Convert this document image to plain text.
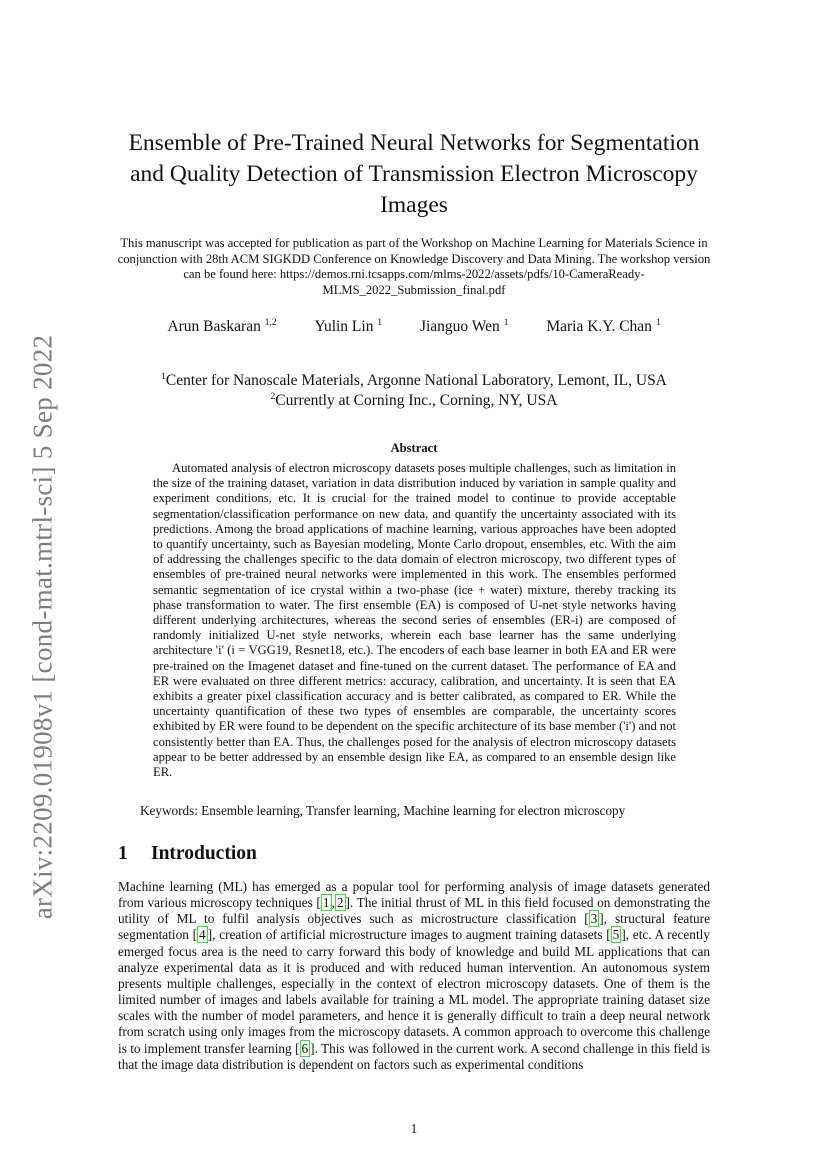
arXiv:2209.01908v1 [cond-mat.mtrl-sci] 5 Sep 2022
Ensemble of Pre-Trained Neural Networks for Segmentation and Quality Detection of Transmission Electron Microscopy Images
This manuscript was accepted for publication as part of the Workshop on Machine Learning for Materials Science in conjunction with 28th ACM SIGKDD Conference on Knowledge Discovery and Data Mining. The workshop version can be found here: https://demos.rni.tcsapps.com/mlms-2022/assets/pdfs/10-CameraReady-MLMS_2022_Submission_final.pdf
Arun Baskaran $^{1,2}$ Yulin Lin $^1$ Jianguo Wen $^1$ Maria K.Y. Chan $^1$
$^1$Center for Nanoscale Materials, Argonne National Laboratory, Lemont, IL, USA
$^2$Currently at Corning Inc., Corning, NY, USA
Abstract
Automated analysis of electron microscopy datasets poses multiple challenges, such as limitation in the size of the training dataset, variation in data distribution induced by variation in sample quality and experiment conditions, etc. It is crucial for the trained model to continue to provide acceptable segmentation/classification performance on new data, and quantify the uncertainty associated with its predictions. Among the broad applications of machine learning, various approaches have been adopted to quantify uncertainty, such as Bayesian modeling, Monte Carlo dropout, ensembles, etc. With the aim of addressing the challenges specific to the data domain of electron microscopy, two different types of ensembles of pre-trained neural networks were implemented in this work. The ensembles performed semantic segmentation of ice crystal within a two-phase (ice + water) mixture, thereby tracking its phase transformation to water. The first ensemble (EA) is composed of U-net style networks having different underlying architectures, whereas the second series of ensembles (ER-i) are composed of randomly initialized U-net style networks, wherein each base learner has the same underlying architecture 'i' (i = VGG19, Resnet18, etc.). The encoders of each base learner in both EA and ER were pre-trained on the Imagenet dataset and fine-tuned on the current dataset. The performance of EA and ER were evaluated on three different metrics: accuracy, calibration, and uncertainty. It is seen that EA exhibits a greater pixel classification accuracy and is better calibrated, as compared to ER. While the uncertainty quantification of these two types of ensembles are comparable, the uncertainty scores exhibited by ER were found to be dependent on the specific architecture of its base member ('i') and not consistently better than EA. Thus, the challenges posed for the analysis of electron microscopy datasets appear to be better addressed by an ensemble design like EA, as compared to an ensemble design like ER.
Keywords: Ensemble learning, Transfer learning, Machine learning for electron microscopy
1 Introduction
Machine learning (ML) has emerged as a popular tool for performing analysis of image datasets generated from various microscopy techniques [ 1 , 2 ]. The initial thrust of ML in this field focused on demonstrating the utility of ML to fulfil analysis objectives such as microstructure classification [ 3 ], structural feature segmentation [ 4 ], creation of artificial microstructure images to augment training datasets [ 5 ], etc. A recently emerged focus area is the need to carry forward this body of knowledge and build ML applications that can analyze experimental data as it is produced and with reduced human intervention. An autonomous system presents multiple challenges, especially in the context of electron microscopy datasets. One of them is the limited number of images and labels available for training a ML model. The appropriate training dataset size scales with the number of model parameters, and hence it is generally difficult to train a deep neural network from scratch using only images from the microscopy datasets. A common approach to overcome this challenge is to implement transfer learning [ 6 ]. This was followed in the current work. A second challenge in this field is that the image data distribution is dependent on factors such as experimental conditions
1
